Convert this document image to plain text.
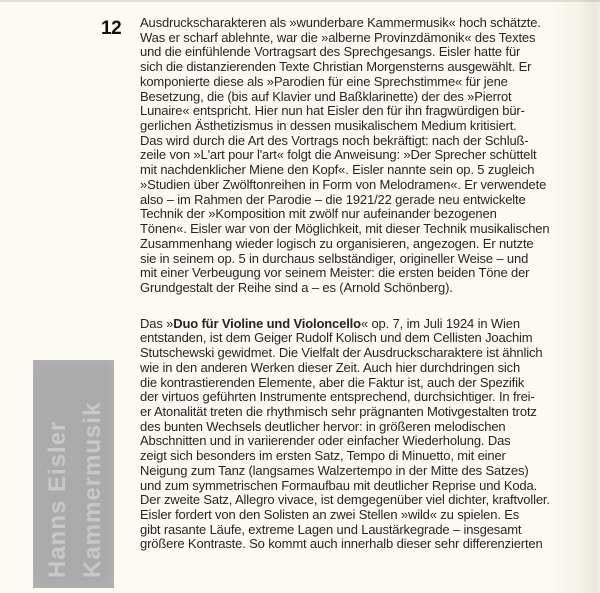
12 Ausdruckscharakteren als »wunderbare Kammermusik« hoch schätzte.
Was er scharf ablehnte, war die »alberne Provinzdämonik« des Textes
und die einfühlende Vortragsart des Sprechgesangs. Eisler hatte für
sich die distanzierenden Texte Christian Morgensterns ausgewählt. Er
komponierte diese als »Parodien für eine Sprechstimme« für jene
Besetzung, die (bis auf Klavier und Baßklarinette) der des »Pierrot
Lunaire« entspricht. Hier nun hat Eisler den für ihn fragwürdigen bür-
gerlichen Ästhetizismus in dessen musikalischem Medium kritisiert.
Das wird durch die Art des Vortrags noch bekräftigt: nach der Schluß-
zeile von »L'art pour l'art« folgt die Anweisung: »Der Sprecher schüttelt
mit nachdenklicher Miene den Kopf«. Eisler nannte sein op. 5 zugleich
»Studien über Zwölftonreihen in Form von Melodramen«. Er verwendete
also – im Rahmen der Parodie – die 1921/22 gerade neu entwickelte
Technik der »Komposition mit zwölf nur aufeinander bezogenen
Tönen«. Eisler war von der Möglichkeit, mit dieser Technik musikalischen
Zusammenhang wieder logisch zu organisieren, angezogen. Er nutzte
sie in seinem op. 5 in durchaus selbständiger, origineller Weise – und
mit einer Verbeugung vor seinem Meister: die ersten beiden Töne der
Grundgestalt der Reihe sind a – es (Arnold Schönberg).
Das »Duo für Violine und Violoncello« op. 7, im Juli 1924 in Wien
entstanden, ist dem Geiger Rudolf Kolisch und dem Cellisten Joachim
Stutschewski gewidmet. Die Vielfalt der Ausdruckscharaktere ist ähnlich
wie in den anderen Werken dieser Zeit. Auch hier durchdringen sich
die kontrastierenden Elemente, aber die Faktur ist, auch der Spezifik
der virtuos geführten Instrumente entsprechend, durchsichtiger. In frei-
er Atonalität treten die rhythmisch sehr prägnanten Motivgestalten trotz
des bunten Wechsels deutlicher hervor: in größeren melodischen
Abschnitten und in variierender oder einfacher Wiederholung. Das
zeigt sich besonders im ersten Satz, Tempo di Minuetto, mit einer
Neigung zum Tanz (langsames Walzertempo in der Mitte des Satzes)
und zum symmetrischen Formaufbau mit deutlicher Reprise und Koda.
Der zweite Satz, Allegro vivace, ist demgegenüber viel dichter, kraftvoller.
Eisler fordert von den Solisten an zwei Stellen »wild« zu spielen. Es
gibt rasante Läufe, extreme Lagen und Laustärkegrade – insgesamt
größere Kontraste. So kommt auch innerhalb dieser sehr differenzierten
Hanns Eisler Kammermusik
